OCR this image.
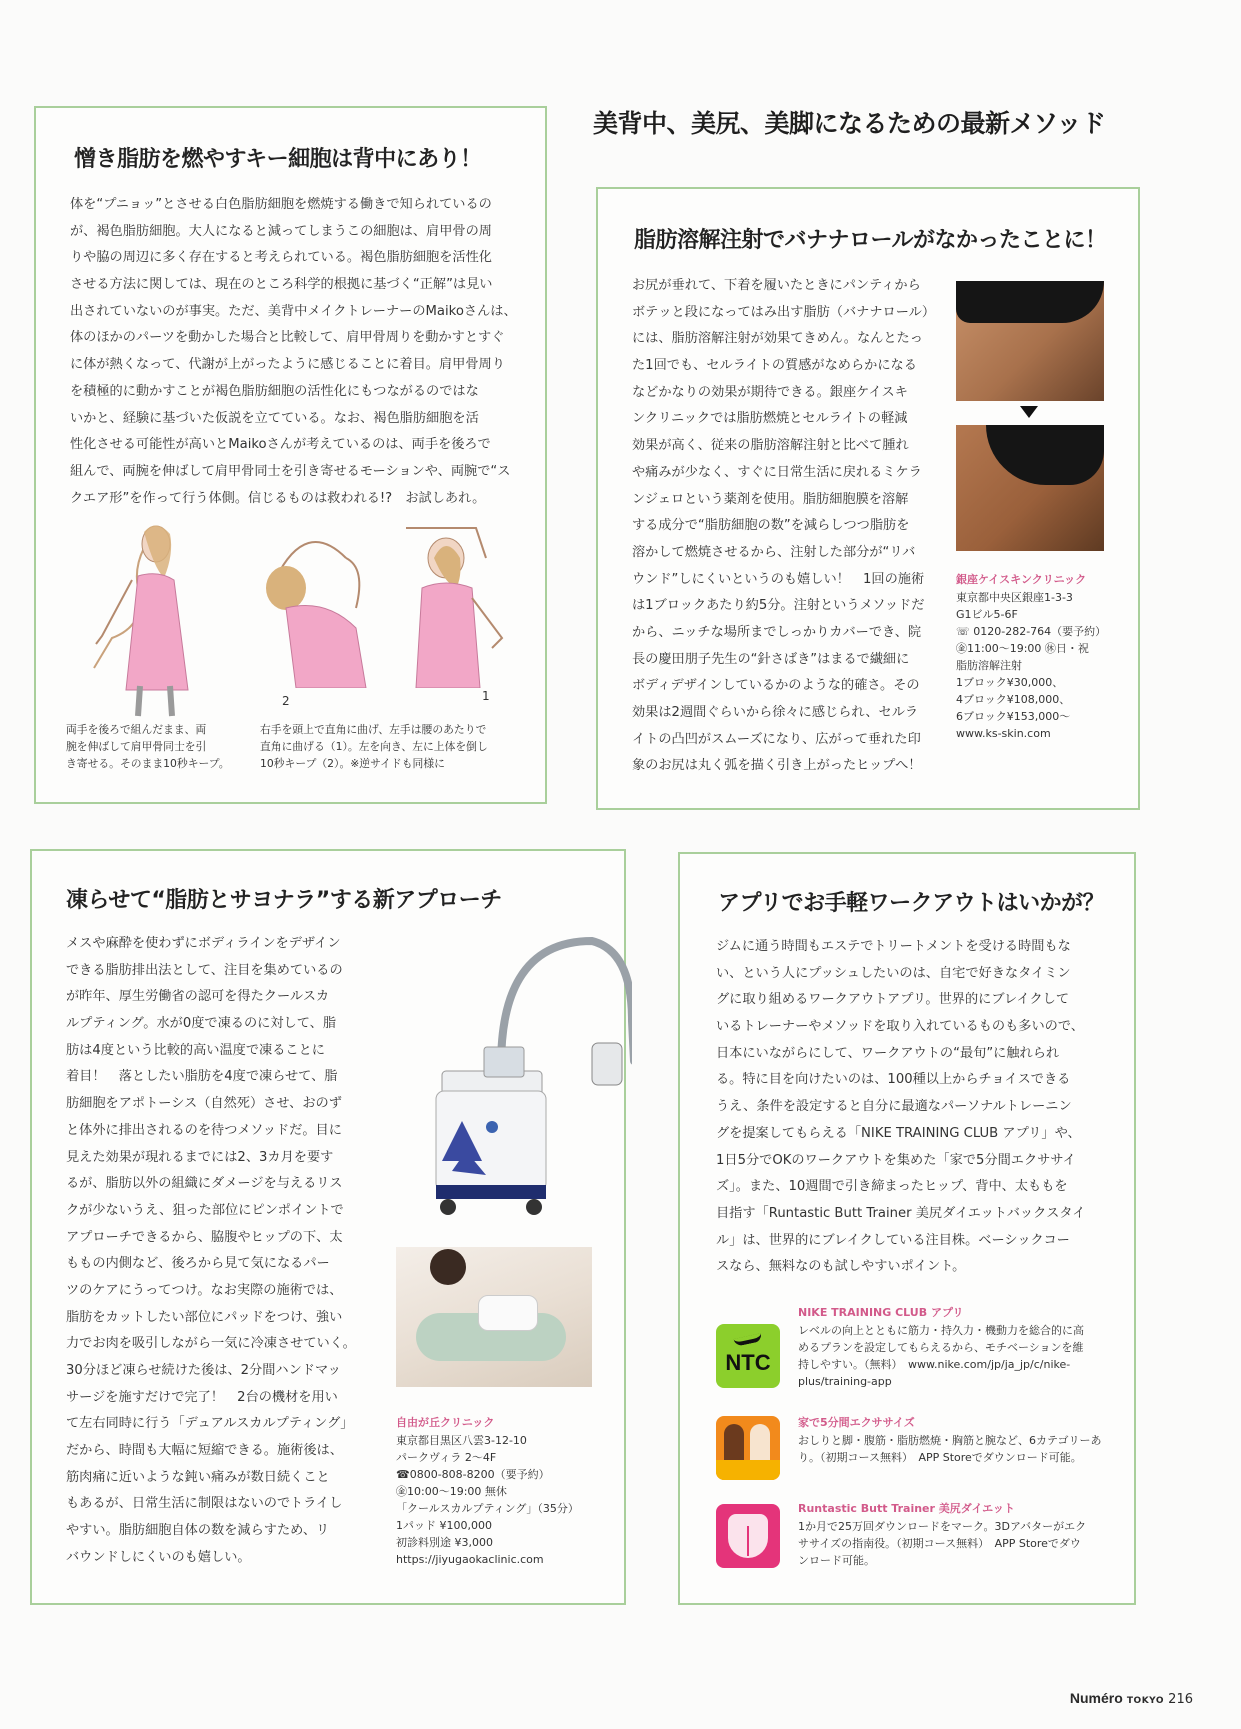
美背中、美尻、美脚になるための最新メソッド
憎き脂肪を燃やすキー細胞は背中にあり！
体を“プニョッ”とさせる白色脂肪細胞を燃焼する働きで知られているの
が、褐色脂肪細胞。大人になると減ってしまうこの細胞は、肩甲骨の周
りや脇の周辺に多く存在すると考えられている。褐色脂肪細胞を活性化
させる方法に関しては、現在のところ科学的根拠に基づく“正解”は見い
出されていないのが事実。ただ、美背中メイクトレーナーのMaikoさんは、
体のほかのパーツを動かした場合と比較して、肩甲骨周りを動かすとすぐ
に体が熱くなって、代謝が上がったように感じることに着目。肩甲骨周り
を積極的に動かすことが褐色脂肪細胞の活性化にもつながるのではな
いかと、経験に基づいた仮説を立てている。なお、褐色脂肪細胞を活
性化させる可能性が高いとMaikoさんが考えているのは、両手を後ろで
組んで、両腕を伸ばして肩甲骨同士を引き寄せるモーションや、両腕で“ス
クエア形”を作って行う体側。信じるものは救われる!?　お試しあれ。
2	1
両手を後ろで組んだまま、両
腕を伸ばして肩甲骨同士を引
き寄せる。そのまま10秒キープ。
右手を頭上で直角に曲げ、左手は腰のあたりで
直角に曲げる（1）。左を向き、左に上体を倒し
10秒キープ（2）。※逆サイドも同様に
脂肪溶解注射でバナナロールがなかったことに！
お尻が垂れて、下着を履いたときにパンティから
ボテッと段になってはみ出す脂肪（バナナロール）
には、脂肪溶解注射が効果てきめん。なんとたっ
た1回でも、セルライトの質感がなめらかになる
などかなりの効果が期待できる。銀座ケイスキ
ンクリニックでは脂肪燃焼とセルライトの軽減
効果が高く、従来の脂肪溶解注射と比べて腫れ
や痛みが少なく、すぐに日常生活に戻れるミケラ
ンジェロという薬剤を使用。脂肪細胞膜を溶解
する成分で“脂肪細胞の数”を減らしつつ脂肪を
溶かして燃焼させるから、注射した部分が“リバ
ウンド”しにくいというのも嬉しい！　1回の施術
は1ブロックあたり約5分。注射というメソッドだ
から、ニッチな場所までしっかりカバーでき、院
長の慶田朋子先生の“針さばき”はまるで繊細に
ボディデザインしているかのような的確さ。その
効果は2週間ぐらいから徐々に感じられ、セルラ
イトの凸凹がスムーズになり、広がって垂れた印
象のお尻は丸く弧を描く引き上がったヒップへ！
銀座ケイスキンクリニック
東京都中央区銀座1-3-3
G1ビル5-6F
☏ 0120-282-764（要予約）
㊎11:00～19:00 ㊡日・祝
脂肪溶解注射
1ブロック¥30,000、
4ブロック¥108,000、
6ブロック¥153,000～
www.ks-skin.com
凍らせて“脂肪とサヨナラ”する新アプローチ
メスや麻酔を使わずにボディラインをデザイン
できる脂肪排出法として、注目を集めているの
が昨年、厚生労働省の認可を得たクールスカ
ルプティング。水が0度で凍るのに対して、脂
肪は4度という比較的高い温度で凍ることに
着目！　落としたい脂肪を4度で凍らせて、脂
肪細胞をアポトーシス（自然死）させ、おのず
と体外に排出されるのを待つメソッドだ。目に
見えた効果が現れるまでには2、3カ月を要す
るが、脂肪以外の組織にダメージを与えるリス
クが少ないうえ、狙った部位にピンポイントで
アプローチできるから、脇腹やヒップの下、太
ももの内側など、後ろから見て気になるパー
ツのケアにうってつけ。なお実際の施術では、
脂肪をカットしたい部位にパッドをつけ、強い
力でお肉を吸引しながら一気に冷凍させていく。
30分ほど凍らせ続けた後は、2分間ハンドマッ
サージを施すだけで完了！　2台の機材を用い
て左右同時に行う「デュアルスカルプティング」
だから、時間も大幅に短縮できる。施術後は、
筋肉痛に近いような鈍い痛みが数日続くこと
もあるが、日常生活に制限はないのでトライし
やすい。脂肪細胞自体の数を減らすため、リ
バウンドしにくいのも嬉しい。
自由が丘クリニック
東京都目黒区八雲3-12-10
パークヴィラ 2～4F
☎0800-808-8200（要予約）
㊎10:00～19:00 無休
「クールスカルプティング」（35分）
1パッド ¥100,000
初診料別途 ¥3,000
https://jiyugaokaclinic.com
アプリでお手軽ワークアウトはいかが？
ジムに通う時間もエステでトリートメントを受ける時間もな
い、という人にプッシュしたいのは、自宅で好きなタイミン
グに取り組めるワークアウトアプリ。世界的にブレイクして
いるトレーナーやメソッドを取り入れているものも多いので、
日本にいながらにして、ワークアウトの“最旬”に触れられ
る。特に目を向けたいのは、100種以上からチョイスできる
うえ、条件を設定すると自分に最適なパーソナルトレーニン
グを提案してもらえる「NIKE TRAINING CLUB アプリ」や、
1日5分でOKのワークアウトを集めた「家で5分間エクササイ
ズ」。また、10週間で引き締まったヒップ、背中、太ももを
目指す「Runtastic Butt Trainer 美尻ダイエットバックスタイ
ル」は、世界的にブレイクしている注目株。ベーシックコー
スなら、無料なのも試しやすいポイント。
NTC
NIKE TRAINING CLUB アプリ
レベルの向上とともに筋力・持久力・機動力を総合的に高
めるプランを設定してもらえるから、モチベーションを維
持しやすい。（無料）　www.nike.com/jp/ja_jp/c/nike-
plus/training-app
家で5分間エクササイズ
おしりと脚・腹筋・脂肪燃焼・胸筋と腕など、6カテゴリーあ
り。（初期コース無料）　APP Storeでダウンロード可能。
Runtastic Butt Trainer 美尻ダイエット
1か月で25万回ダウンロードをマーク。3Dアバターがエク
ササイズの指南役。（初期コース無料）　APP Storeでダウ
ンロード可能。
Numéro TOKYO 216
